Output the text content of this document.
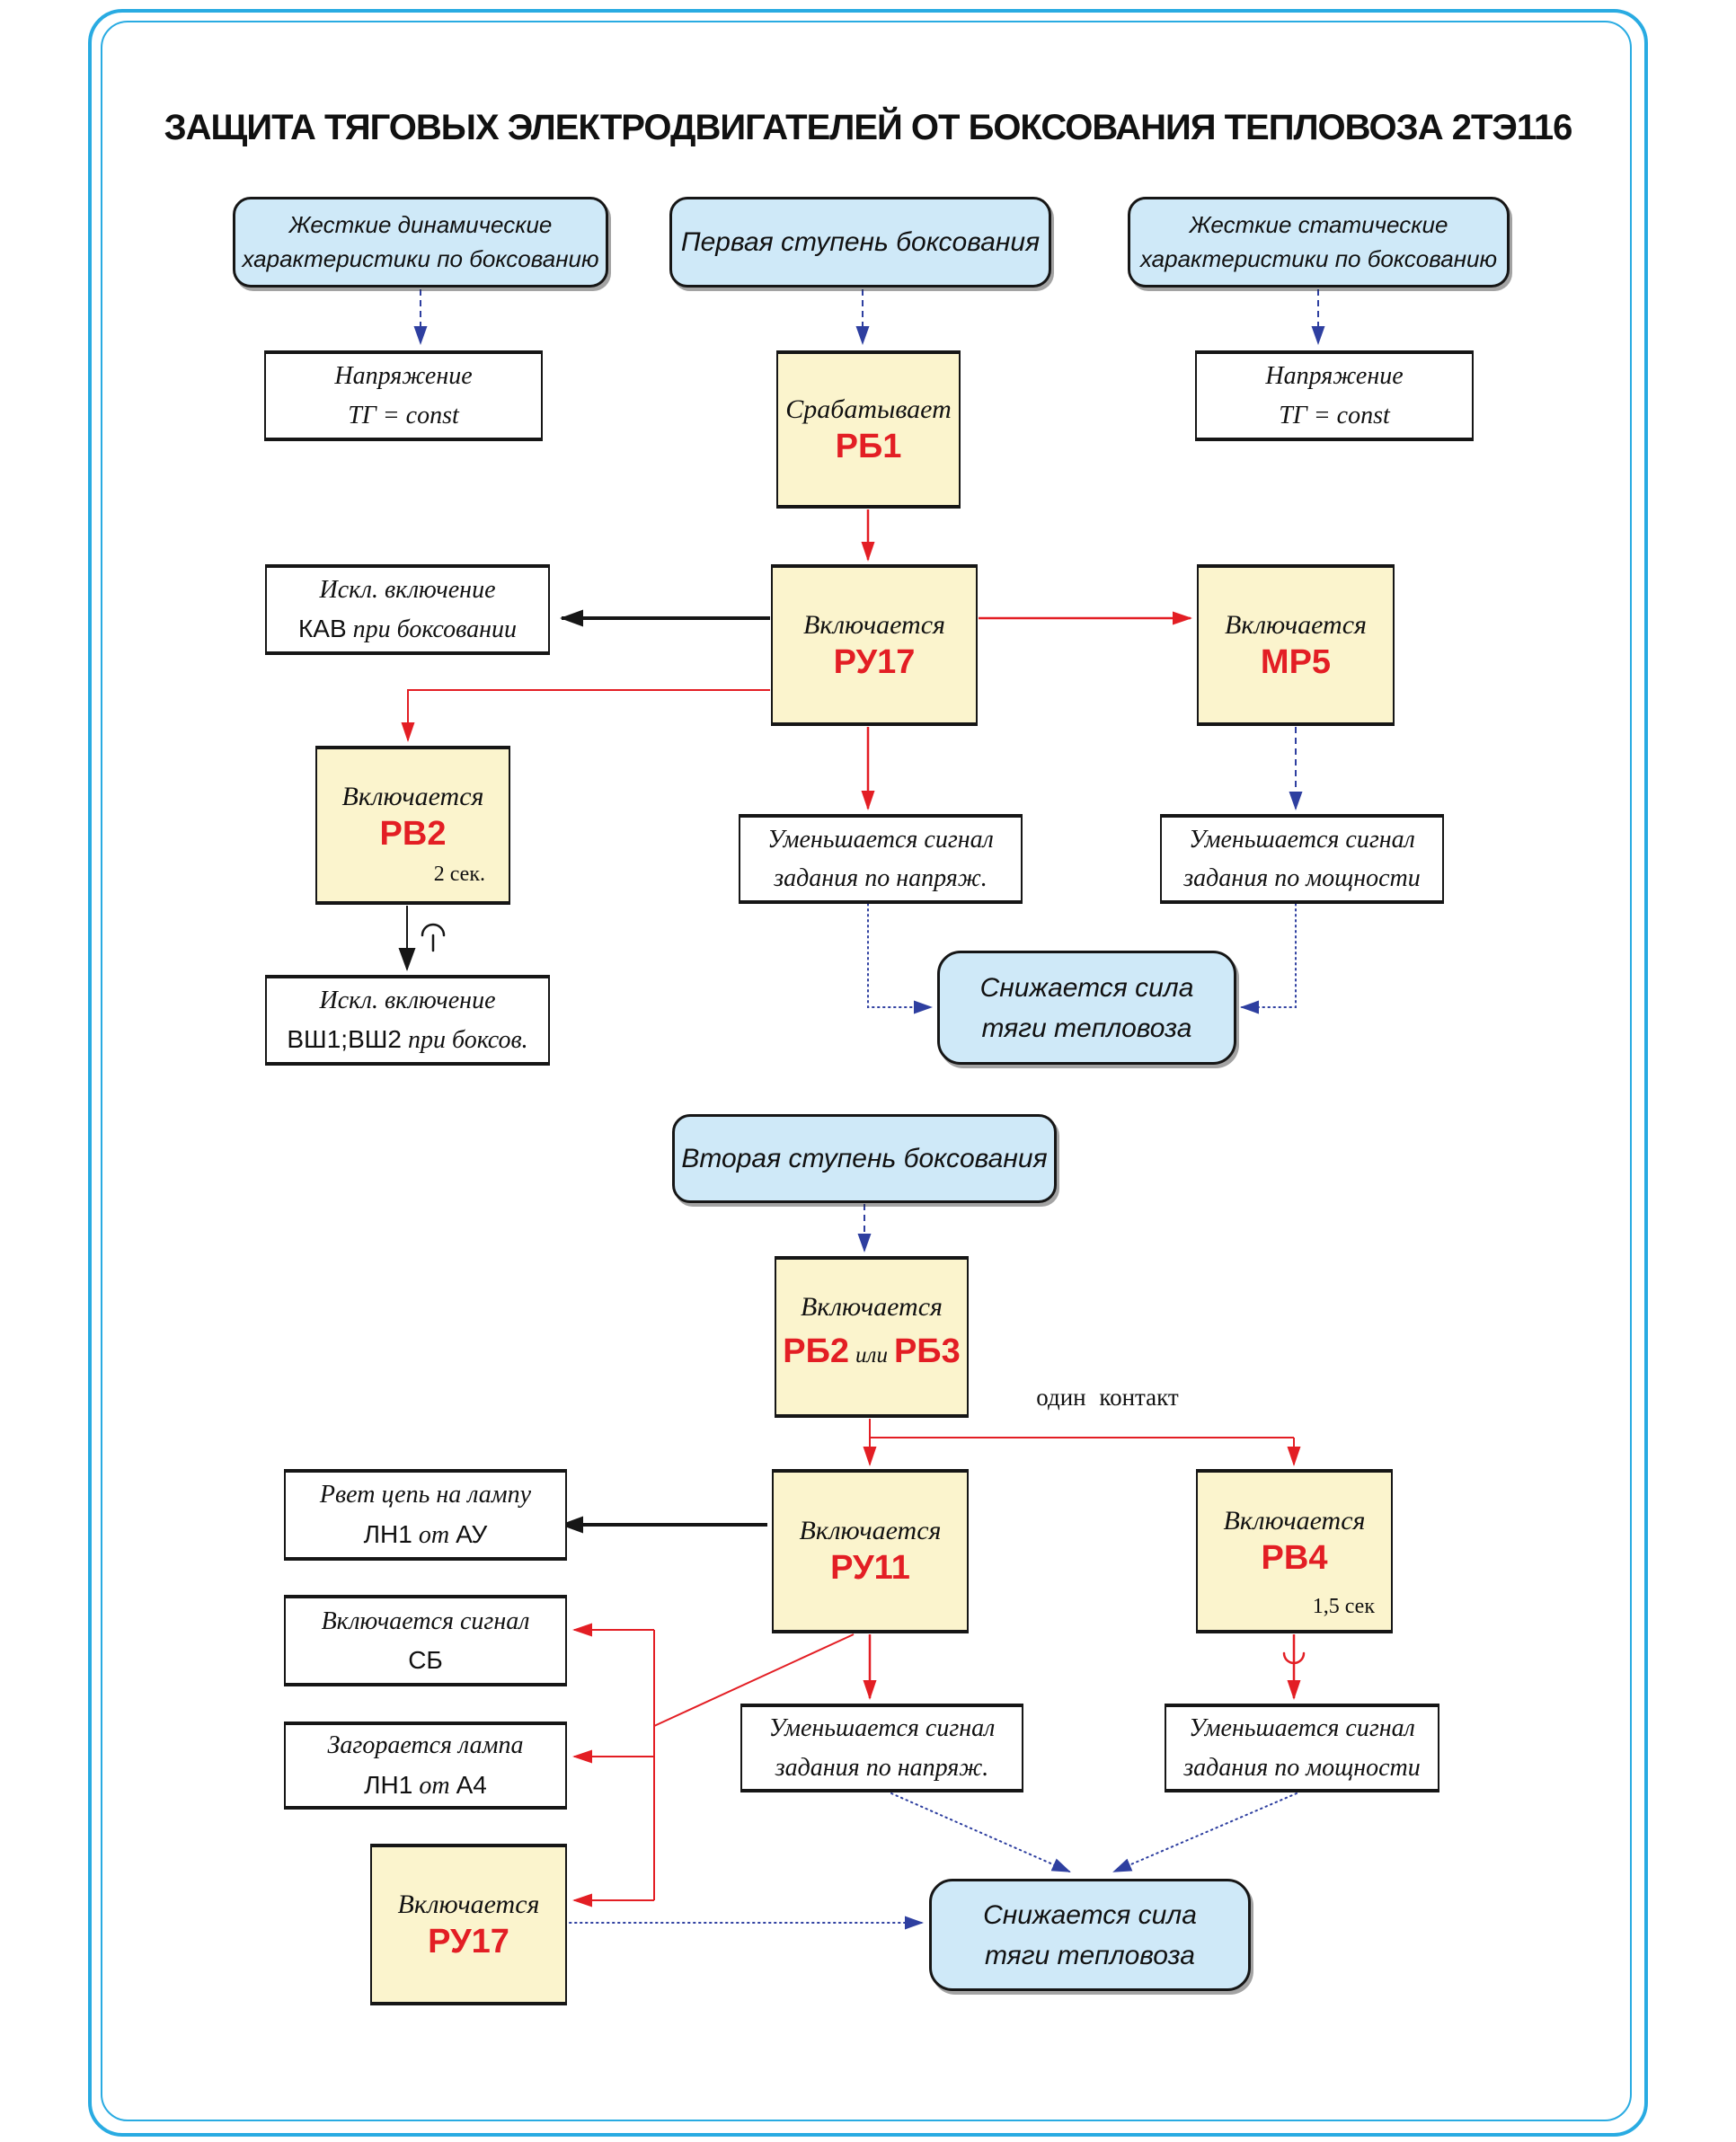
ЗАЩИТА ТЯГОВЫХ ЭЛЕКТРОДВИГАТЕЛЕЙ ОТ БОКСОВАНИЯ ТЕПЛОВОЗА 2ТЭ116
Жесткие динамические
характеристики по боксованию
Первая ступень боксования
Жесткие статические
характеристики по боксованию
Напряжение
ТГ = const	Срабатывает
РБ1
Напряжение
ТГ = const
Искл. включение
КАВ при боксовании	Включается
РУ17
Включается
МР5
Включается
РВ2
2 сек.
Уменьшается сигнал
задания по напряж.
Уменьшается сигнал
задания по мощности
Искл. включение
ВШ1;ВШ2 при боксов.
Снижается сила
тяги тепловоза
Вторая ступень боксования
Включается
РБ2 или РБ3
один контакт
Рвет цепь на лампу
ЛН1 от АУ	Включается
РУ11
Включается
РВ4
1,5 сек
Включается сигнал
СБ
Загорается лампа
ЛН1 от А4
Включается
РУ17
Уменьшается сигнал
задания по напряж.
Уменьшается сигнал
задания по мощности
Снижается сила
тяги тепловоза
